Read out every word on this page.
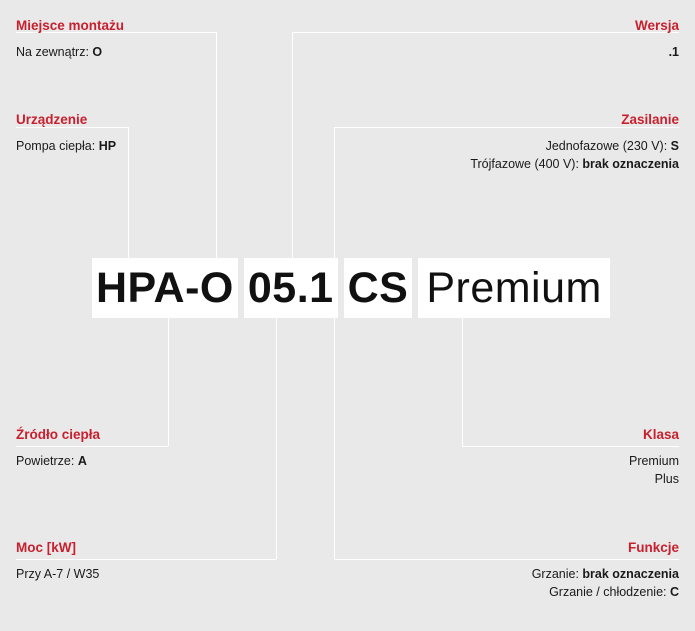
HPA-O 05.1 CS Premium
Miejsce montażu
Na zewnątrz: O
Urządzenie
Pompa ciepła: HP
Wersja
.1
Zasilanie
Jednofazowe (230 V): S
Trójfazowe (400 V): brak oznaczenia
Źródło ciepła
Powietrze: A
Moc [kW]
Przy A-7 / W35
Klasa
Premium
Plus
Funkcje
Grzanie: brak oznaczenia
Grzanie / chłodzenie: C
